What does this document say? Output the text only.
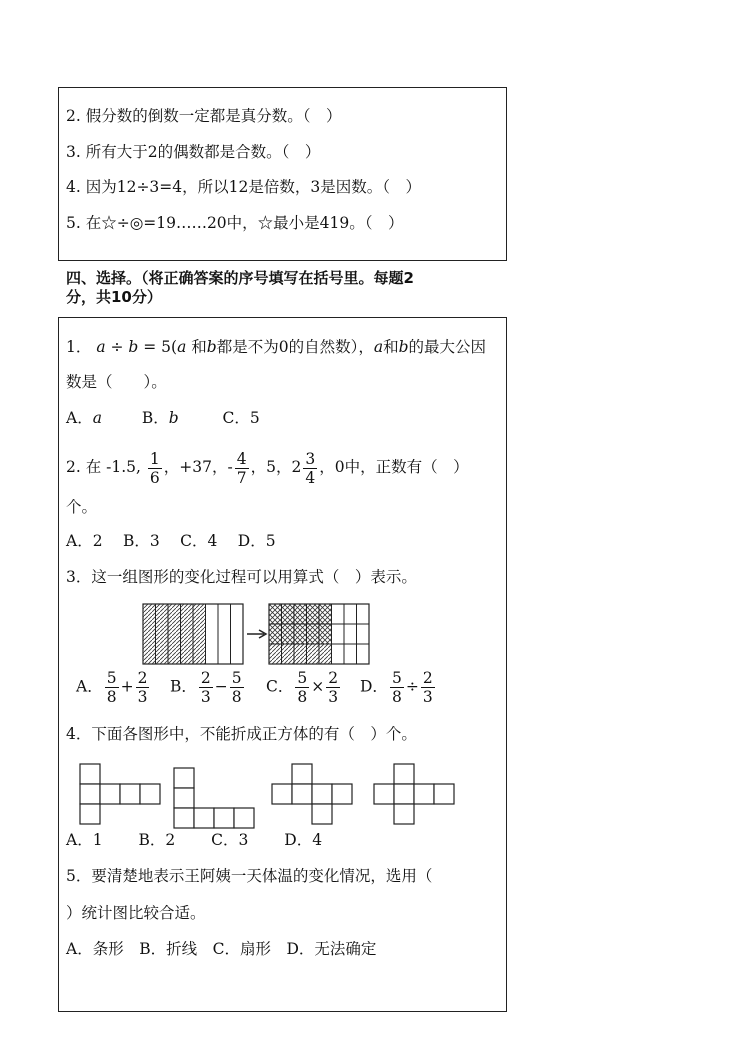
2. 假分数的倒数一定都是真分数。（　）
3. 所有大于2的偶数都是合数。（　）
4. 因为12÷3=4，所以12是倍数，3是因数。（　）
5. 在☆÷◎=19……20中，☆最小是419。（　）
四、选择。（将正确答案的序号填写在括号里。每题2
分，共10分）
1． a ÷ b = 5(a 和b都是不为0的自然数），a和b的最大公因
数是（　　）。
A．a	B．b	C．5
2. 在 -1.5, $\frac{1}{6}$ ，+37，- $\frac{4}{7}$ ，5，$2 \frac{3}{4}$ ，0中，正数有（　）
个。
A．2　 B．3　 C．4　 D．5
3．这一组图形的变化过程可以用算式（　）表示。
A． $\frac{5}{8} + \frac{2}{3}$ B． $\frac{2}{3} - \frac{5}{8}$ C． $\frac{5}{8} \times \frac{2}{3}$ D． $\frac{5}{8} \div \frac{2}{3}$
4．下面各图形中，不能折成正方体的有（　）个。
A．1　　 B．2　　 C．3　　 D．4
5．要清楚地表示王阿姨一天体温的变化情况，选用（
）统计图比较合适。
A．条形　B．折线　C．扇形　D．无法确定
